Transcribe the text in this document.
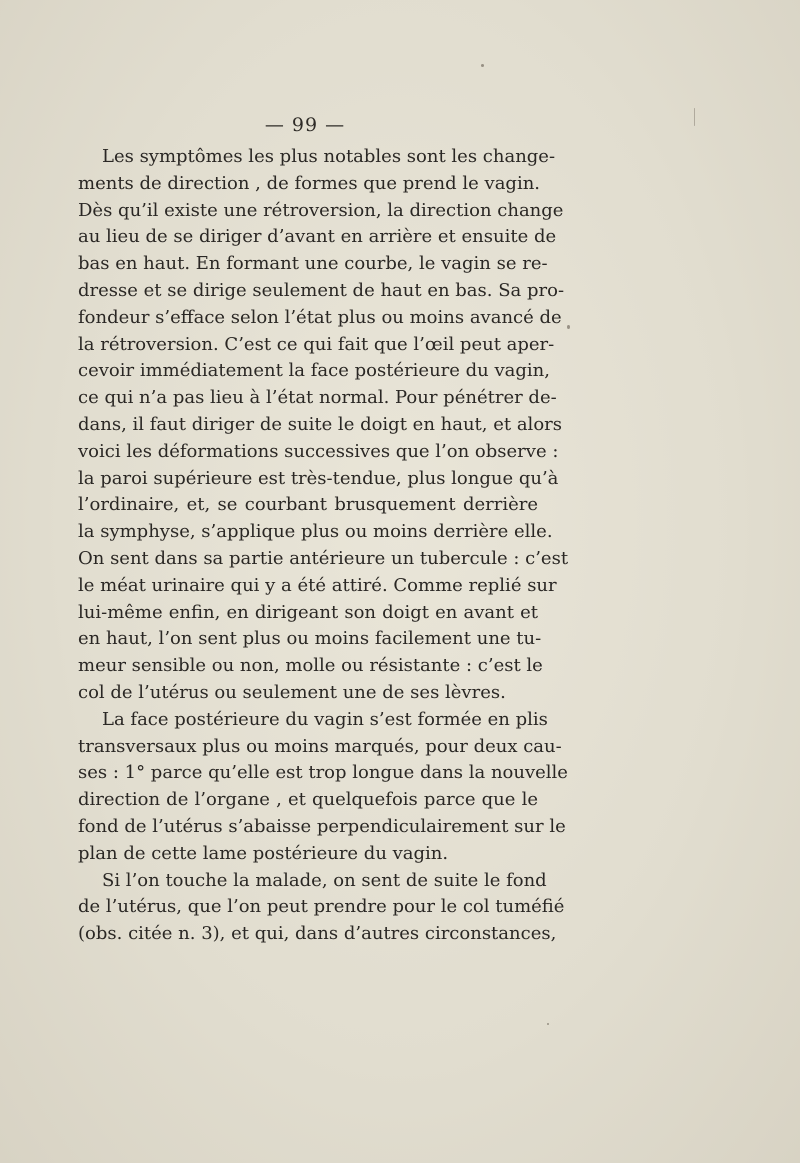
— 99 —
Les symptômes les plus notables sont les change-
ments de direction , de formes que prend le vagin.
Dès qu’il existe une rétroversion, la direction change
au lieu de se diriger d’avant en arrière et ensuite de
bas en haut. En formant une courbe, le vagin se re-
dresse et se dirige seulement de haut en bas. Sa pro-
fondeur s’efface selon l’état plus ou moins avancé de
la rétroversion. C’est ce qui fait que l’œil peut aper-
cevoir immédiatement la face postérieure du vagin,
ce qui n’a pas lieu à l’état normal. Pour pénétrer de-
dans, il faut diriger de suite le doigt en haut, et alors
voici les déformations successives que l’on observe :
la paroi supérieure est très-tendue, plus longue qu’à
l’ordinaire, et, se courbant brusquement derrière
la symphyse, s’applique plus ou moins derrière elle.
On sent dans sa partie antérieure un tubercule : c’est
le méat urinaire qui y a été attiré. Comme replié sur
lui-même enfin, en dirigeant son doigt en avant et
en haut, l’on sent plus ou moins facilement une tu-
meur sensible ou non, molle ou résistante : c’est le
col de l’utérus ou seulement une de ses lèvres.
La face postérieure du vagin s’est formée en plis
transversaux plus ou moins marqués, pour deux cau-
ses : 1° parce qu’elle est trop longue dans la nouvelle
direction de l’organe , et quelquefois parce que le
fond de l’utérus s’abaisse perpendiculairement sur le
plan de cette lame postérieure du vagin.
Si l’on touche la malade, on sent de suite le fond
de l’utérus, que l’on peut prendre pour le col tuméfié
(obs. citée n. 3), et qui, dans d’autres circonstances,
